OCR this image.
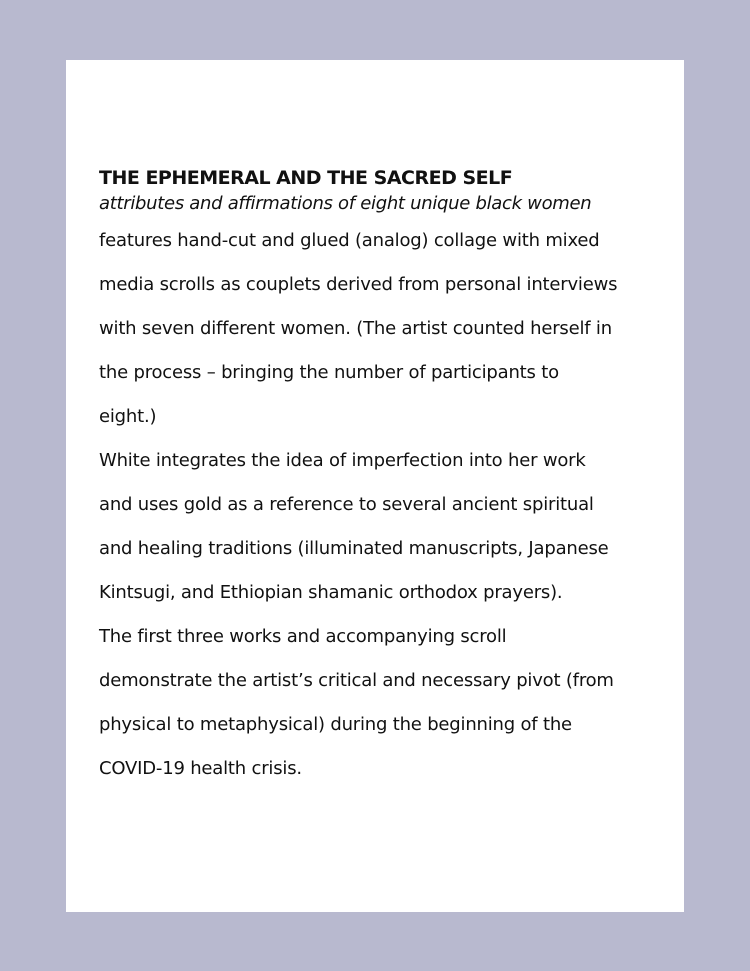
THE EPHEMERAL AND THE SACRED SELF

attributes and affirmations of eight unique black women

features hand-cut and glued (analog) collage with mixed
media scrolls as couplets derived from personal interviews
with seven different women. (The artist counted herself in
the process – bringing the number of participants to
eight.)

White integrates the idea of imperfection into her work
and uses gold as a reference to several ancient spiritual
and healing traditions (illuminated manuscripts, Japanese
Kintsugi, and Ethiopian shamanic orthodox prayers).

The first three works and accompanying scroll
demonstrate the artist’s critical and necessary pivot (from
physical to metaphysical) during the beginning of the
COVID-19 health crisis.
